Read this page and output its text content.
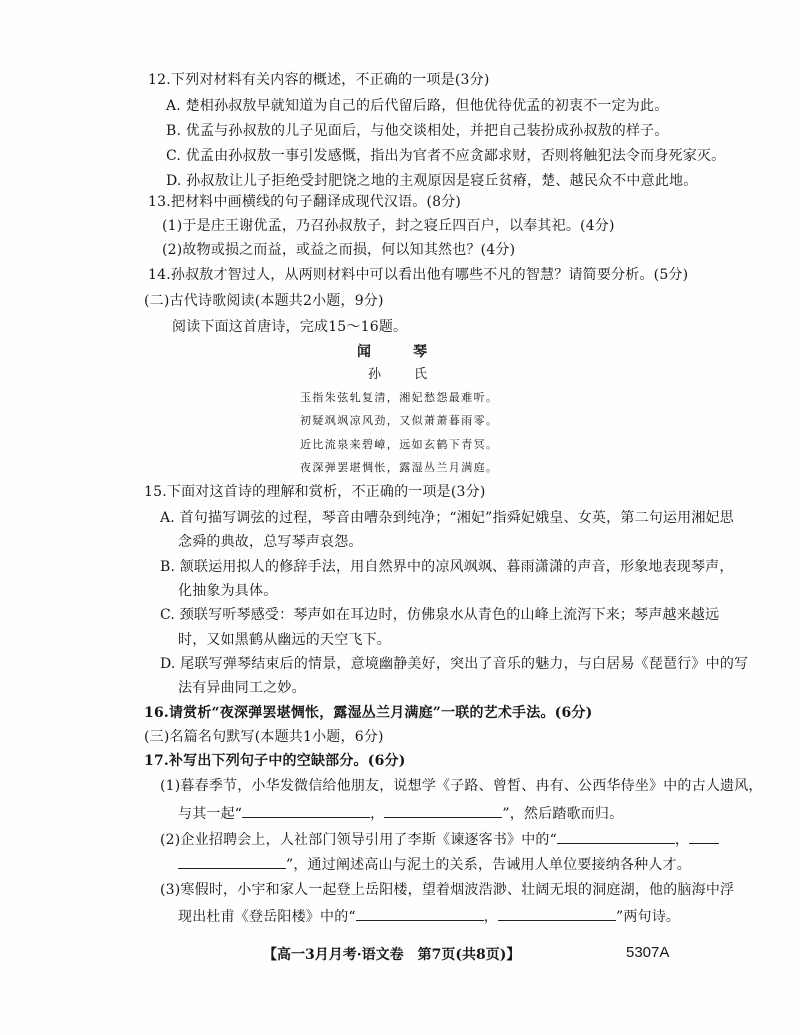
12.下列对材料有关内容的概述，不正确的一项是(3分)
A. 楚相孙叔敖早就知道为自己的后代留后路，但他优待优孟的初衷不一定为此。
B. 优孟与孙叔敖的儿子见面后，与他交谈相处，并把自己装扮成孙叔敖的样子。
C. 优孟由孙叔敖一事引发感慨，指出为官者不应贪鄙求财，否则将触犯法令而身死家灭。
D. 孙叔敖让儿子拒绝受封肥饶之地的主观原因是寝丘贫瘠，楚、越民众不中意此地。
13.把材料中画横线的句子翻译成现代汉语。(8分)
(1)于是庄王谢优孟，乃召孙叔敖子，封之寝丘四百户，以奉其祀。(4分)
(2)故物或损之而益，或益之而损，何以知其然也？(4分)
14.孙叔敖才智过人，从两则材料中可以看出他有哪些不凡的智慧？请简要分析。(5分)
(二)古代诗歌阅读(本题共2小题，9分)
阅读下面这首唐诗，完成15～16题。
闻　琴
孙　氏
玉指朱弦轧复清，湘妃愁怨最难听。
初疑飒飒凉风劲，又似萧萧暮雨零。
近比流泉来碧嶂，远如玄鹤下青冥。
夜深弹罢堪惆怅，露湿丛兰月满庭。
15.下面对这首诗的理解和赏析，不正确的一项是(3分)
A. 首句描写调弦的过程，琴音由嘈杂到纯净；“湘妃”指舜妃娥皇、女英，第二句运用湘妃思
念舜的典故，总写琴声哀怨。
B. 颔联运用拟人的修辞手法，用自然界中的凉风飒飒、暮雨潇潇的声音，形象地表现琴声，
化抽象为具体。
C. 颈联写听琴感受：琴声如在耳边时，仿佛泉水从青色的山峰上流泻下来；琴声越来越远
时，又如黑鹤从幽远的天空飞下。
D. 尾联写弹琴结束后的情景，意境幽静美好，突出了音乐的魅力，与白居易《琵琶行》中的写
法有异曲同工之妙。
16.请赏析“夜深弹罢堪惆怅，露湿丛兰月满庭”一联的艺术手法。(6分)
(三)名篇名句默写(本题共1小题，6分)
17.补写出下列句子中的空缺部分。(6分)
(1)暮春季节，小华发微信给他朋友，说想学《子路、曾皙、冉有、公西华侍坐》中的古人遗风，
与其一起“	，	”，然后踏歌而归。
(2)企业招聘会上，人社部门领导引用了李斯《谏逐客书》中的“	，
”，通过阐述高山与泥土的关系，告诫用人单位要接纳各种人才。
(3)寒假时，小宇和家人一起登上岳阳楼，望着烟波浩渺、壮阔无垠的洞庭湖，他的脑海中浮
现出杜甫《登岳阳楼》中的“	，	”两句诗。
【高一3月月考·语文卷　第7页(共8页)】	5307A
